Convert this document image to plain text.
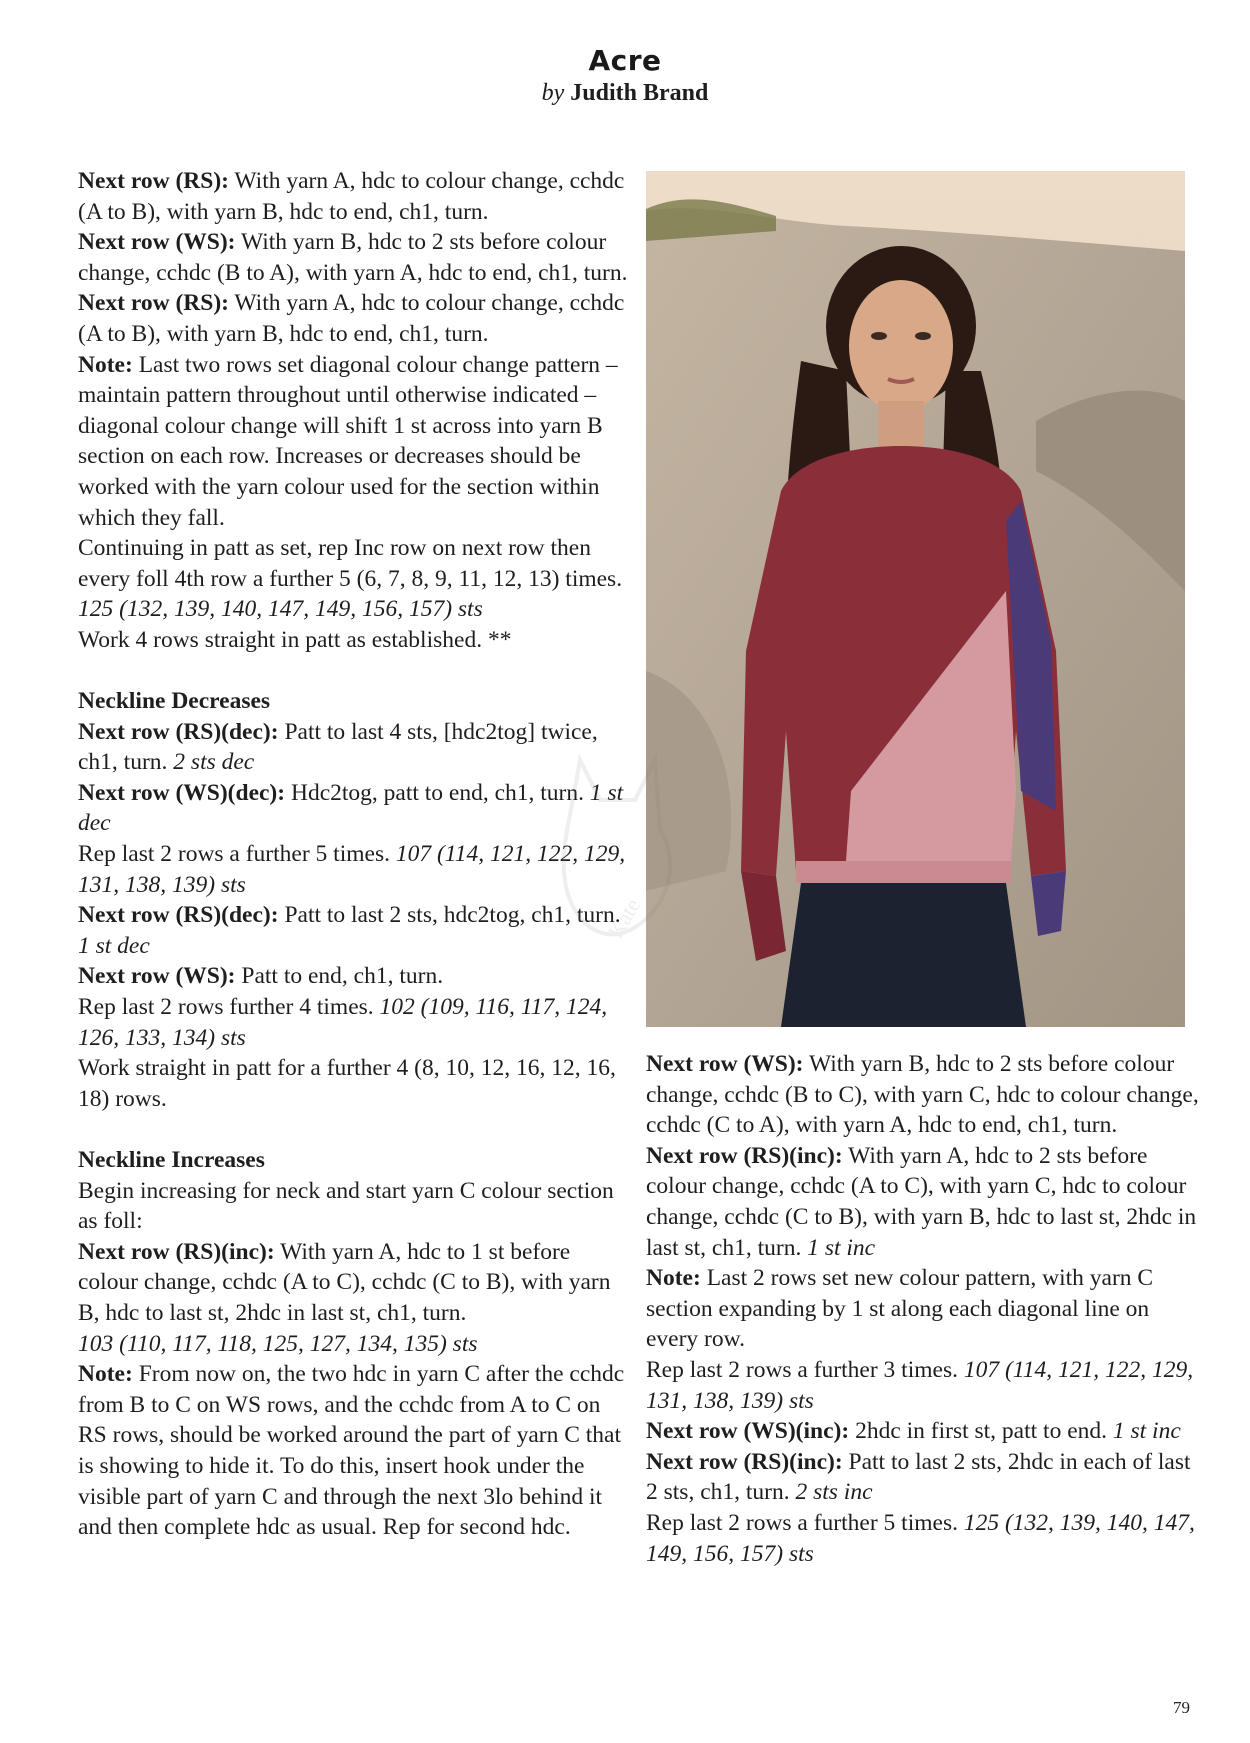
Acre
by Judith Brand

Next row (RS): With yarn A, hdc to colour change, cchdc (A to B), with yarn B, hdc to end, ch1, turn.

Next row (WS): With yarn B, hdc to 2 sts before colour change, cchdc (B to A), with yarn A, hdc to end, ch1, turn.

Next row (RS): With yarn A, hdc to colour change, cchdc (A to B), with yarn B, hdc to end, ch1, turn.

Note: Last two rows set diagonal colour change pattern – maintain pattern throughout until otherwise indicated – diagonal colour change will shift 1 st across into yarn B section on each row. Increases or decreases should be worked with the yarn colour used for the section within which they fall.

Continuing in patt as set, rep Inc row on next row then every foll 4th row a further 5 (6, 7, 8, 9, 11, 12, 13) times. 125 (132, 139, 140, 147, 149, 156, 157) sts

Work 4 rows straight in patt as established. **

Neckline Decreases

Next row (RS)(dec): Patt to last 4 sts, [hdc2tog] twice, ch1, turn. 2 sts dec

Next row (WS)(dec): Hdc2tog, patt to end, ch1, turn. 1 st dec

Rep last 2 rows a further 5 times. 107 (114, 121, 122, 129, 131, 138, 139) sts

Next row (RS)(dec): Patt to last 2 sts, hdc2tog, ch1, turn. 1 st dec

Next row (WS): Patt to end, ch1, turn.

Rep last 2 rows further 4 times. 102 (109, 116, 117, 124, 126, 133, 134) sts

Work straight in patt for a further 4 (8, 10, 12, 16, 12, 16, 18) rows.

Neckline Increases

Begin increasing for neck and start yarn C colour section as foll:

Next row (RS)(inc): With yarn A, hdc to 1 st before colour change, cchdc (A to C), cchdc (C to B), with yarn B, hdc to last st, 2hdc in last st, ch1, turn.

103 (110, 117, 118, 125, 127, 134, 135) sts

Note: From now on, the two hdc in yarn C after the cchdc from B to C on WS rows, and the cchdc from A to C on RS rows, should be worked around the part of yarn C that is showing to hide it. To do this, insert hook under the visible part of yarn C and through the next 3lo behind it and then complete hdc as usual. Rep for second hdc.

Kate

Next row (WS): With yarn B, hdc to 2 sts before colour change, cchdc (B to C), with yarn C, hdc to colour change, cchdc (C to A), with yarn A, hdc to end, ch1, turn.

Next row (RS)(inc): With yarn A, hdc to 2 sts before colour change, cchdc (A to C), with yarn C, hdc to colour change, cchdc (C to B), with yarn B, hdc to last st, 2hdc in last st, ch1, turn. 1 st inc

Note: Last 2 rows set new colour pattern, with yarn C section expanding by 1 st along each diagonal line on every row.

Rep last 2 rows a further 3 times. 107 (114, 121, 122, 129, 131, 138, 139) sts

Next row (WS)(inc): 2hdc in first st, patt to end. 1 st inc

Next row (RS)(inc): Patt to last 2 sts, 2hdc in each of last 2 sts, ch1, turn. 2 sts inc

Rep last 2 rows a further 5 times. 125 (132, 139, 140, 147, 149, 156, 157) sts

79
